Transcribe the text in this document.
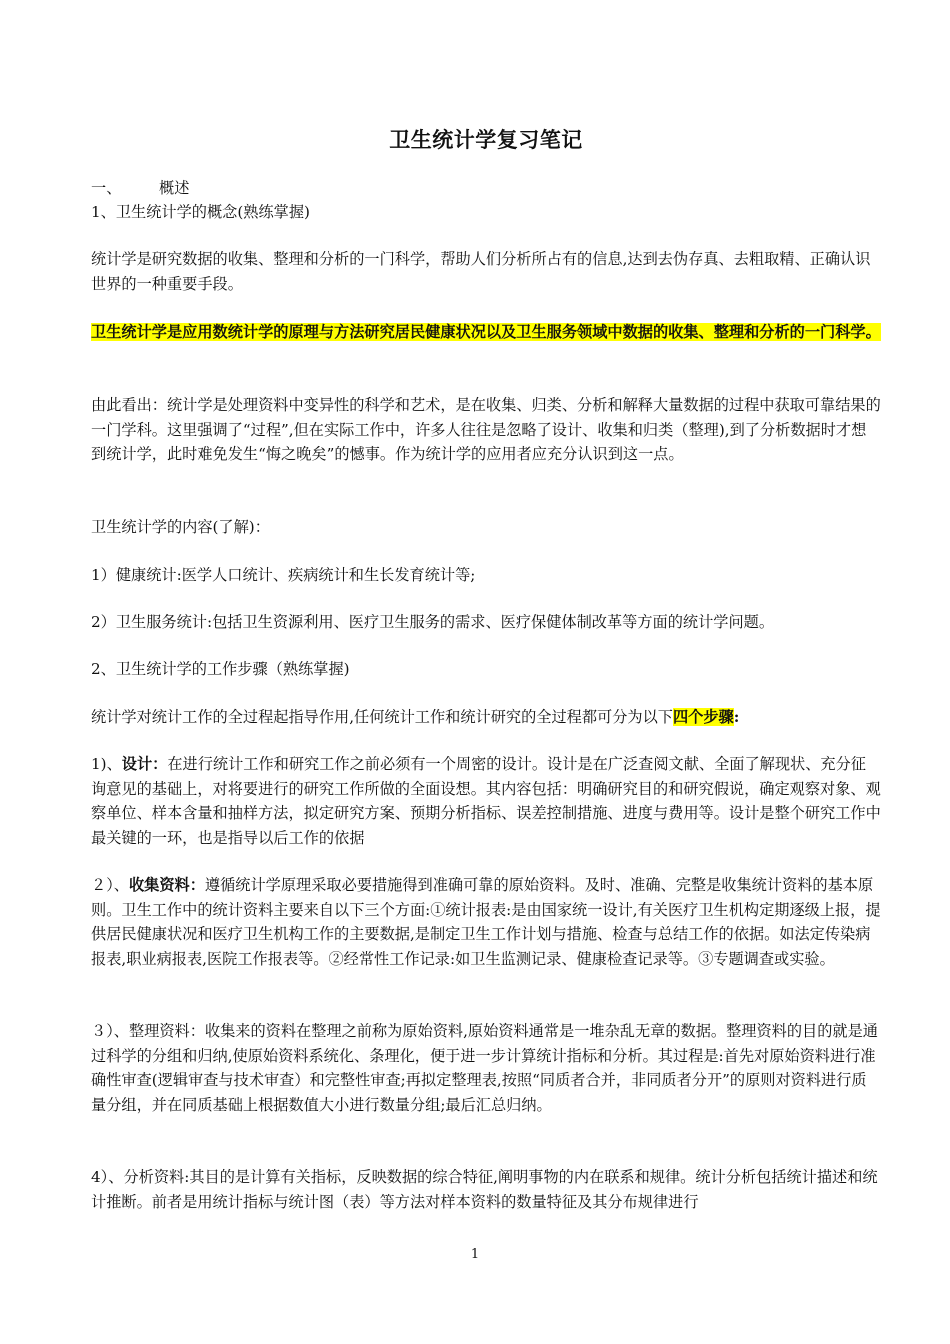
卫生统计学复习笔记
一、 概述
1、卫生统计学的概念(熟练掌握)
统计学是研究数据的收集、整理和分析的一门科学，帮助人们分析所占有的信息,达到去伪存真、去粗取精、正确认识世界的一种重要手段。
卫生统计学是应用数统计学的原理与方法研究居民健康状况以及卫生服务领域中数据的收集、整理和分析的一门科学。
由此看出：统计学是处理资料中变异性的科学和艺术，是在收集、归类、分析和解释大量数据的过程中获取可靠结果的一门学科。这里强调了“过程”,但在实际工作中，许多人往往是忽略了设计、收集和归类（整理),到了分析数据时才想到统计学，此时难免发生“悔之晚矣”的憾事。作为统计学的应用者应充分认识到这一点。
卫生统计学的内容(了解)：
1）健康统计:医学人口统计、疾病统计和生长发育统计等;
2）卫生服务统计:包括卫生资源利用、医疗卫生服务的需求、医疗保健体制改革等方面的统计学问题。
2、卫生统计学的工作步骤（熟练掌握)
统计学对统计工作的全过程起指导作用,任何统计工作和统计研究的全过程都可分为以下四个步骤:
1)、设计：在进行统计工作和研究工作之前必须有一个周密的设计。设计是在广泛查阅文献、全面了解现状、充分征询意见的基础上，对将要进行的研究工作所做的全面设想。其内容包括：明确研究目的和研究假说，确定观察对象、观察单位、样本含量和抽样方法，拟定研究方案、预期分析指标、误差控制措施、进度与费用等。设计是整个研究工作中最关键的一环，也是指导以后工作的依据
２）、收集资料：遵循统计学原理采取必要措施得到准确可靠的原始资料。及时、准确、完整是收集统计资料的基本原则。卫生工作中的统计资料主要来自以下三个方面:①统计报表:是由国家统一设计,有关医疗卫生机构定期逐级上报，提供居民健康状况和医疗卫生机构工作的主要数据,是制定卫生工作计划与措施、检查与总结工作的依据。如法定传染病报表,职业病报表,医院工作报表等。②经常性工作记录:如卫生监测记录、健康检查记录等。③专题调查或实验。
３）、整理资料：收集来的资料在整理之前称为原始资料,原始资料通常是一堆杂乱无章的数据。整理资料的目的就是通过科学的分组和归纳,使原始资料系统化、条理化，便于进一步计算统计指标和分析。其过程是:首先对原始资料进行准确性审查(逻辑审查与技术审查）和完整性审查;再拟定整理表,按照“同质者合并，非同质者分开”的原则对资料进行质量分组，并在同质基础上根据数值大小进行数量分组;最后汇总归纳。
4）、分析资料:其目的是计算有关指标，反映数据的综合特征,阐明事物的内在联系和规律。统计分析包括统计描述和统计推断。前者是用统计指标与统计图（表）等方法对样本资料的数量特征及其分布规律进行
1
